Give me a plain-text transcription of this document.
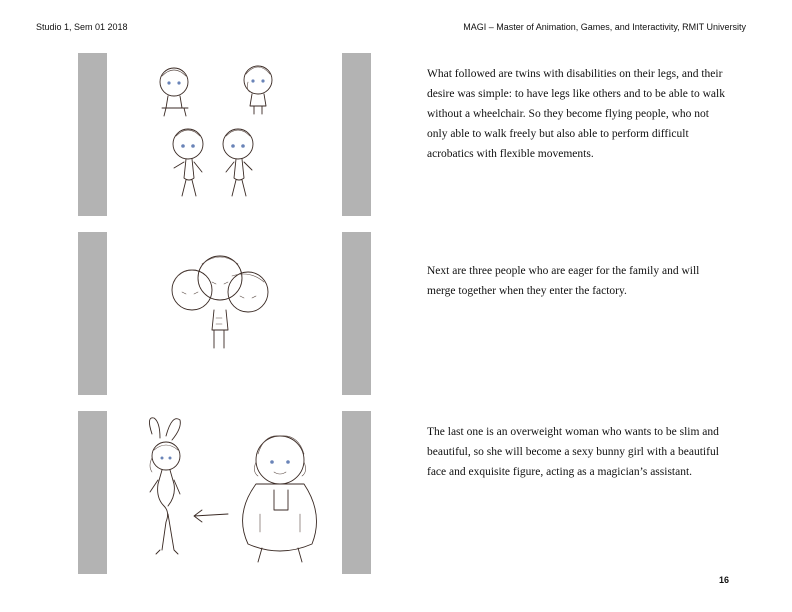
Studio 1, Sem 01 2018	MAGI – Master of Animation, Games, and Interactivity, RMIT University

What followed are twins with disabilities on their legs, and their desire was simple: to have legs like others and to be able to walk without a wheelchair. So they become flying people, who not only able to walk freely but also able to perform difficult acrobatics with flexible movements.

Next are three people who are eager for the family and will merge together when they enter the factory.

The last one is an overweight woman who wants to be slim and beautiful, so she will become a sexy bunny girl with a beautiful face and exquisite figure, acting as a magician’s assistant.

16
